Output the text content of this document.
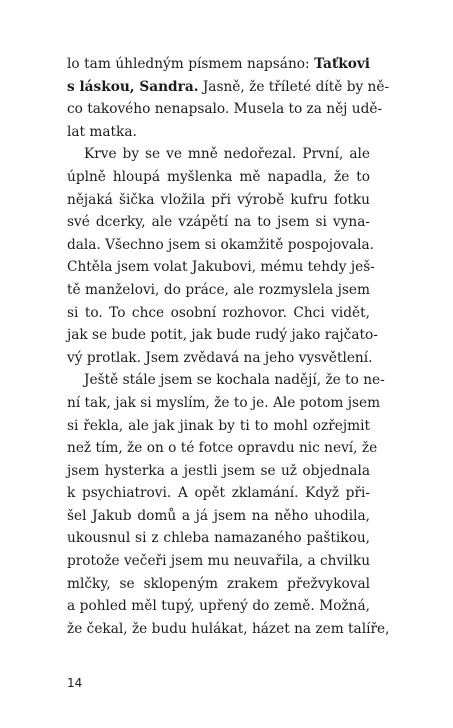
lo tam úhledným písmem napsáno: Taťkovi
s láskou, Sandra. Jasně, že tříleté dítě by ně-
co takového nenapsalo. Musela to za něj udě-
lat matka.
Krve by se ve mně nedořezal. První, ale
úplně hloupá myšlenka mě napadla, že to
nějaká šička vložila při výrobě kufru fotku
své dcerky, ale vzápětí na to jsem si vyna-
dala. Všechno jsem si okamžitě pospojovala.
Chtěla jsem volat Jakubovi, mému tehdy ješ-
tě manželovi, do práce, ale rozmyslela jsem
si to. To chce osobní rozhovor. Chci vidět,
jak se bude potit, jak bude rudý jako rajčato-
vý protlak. Jsem zvědavá na jeho vysvětlení.
Ještě stále jsem se kochala nadějí, že to ne-
ní tak, jak si myslím, že to je. Ale potom jsem
si řekla, ale jak jinak by ti to mohl ozřejmit
než tím, že on o té fotce opravdu nic neví, že
jsem hysterka a jestli jsem se už objednala
k psychiatrovi. A opět zklamání. Když při-
šel Jakub domů a já jsem na něho uhodila,
ukousnul si z chleba namazaného paštikou,
protože večeři jsem mu neuvařila, a chvilku
mlčky, se sklopeným zrakem přežvykoval
a pohled měl tupý, upřený do země. Možná,
že čekal, že budu hulákat, házet na zem talíře,
14
